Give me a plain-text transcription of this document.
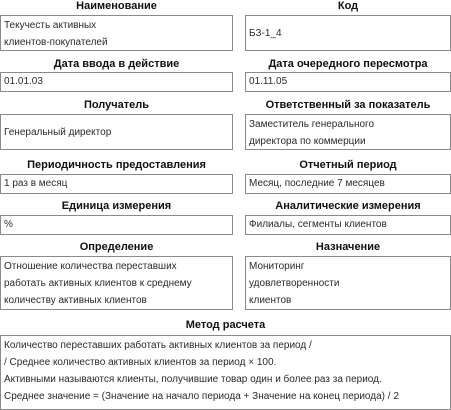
Наименование
Текучесть активных
клиентов-покупателей
Код
БЗ-1_4
Дата ввода в действие
01.01.03
Дата очередного пересмотра
01.11.05
Получатель
Генеральный директор
Ответственный за показатель
Заместитель генерального
директора по коммерции
Периодичность предоставления
1 раз в месяц
Отчетный период
Месяц, последние 7 месяцев
Единица измерения
%
Аналитические измерения
Филиалы, сегменты клиентов
Определение
Отношение количества переставших
работать активных клиентов к среднему
количеству активных клиентов
Назначение
Мониторинг
удовлетворенности
клиентов
Метод расчета
Количество переставших работать активных клиентов за период /
/ Среднее количество активных клиентов за период × 100.
Активными называются клиенты, получившие товар один и более раз за период.
Среднее значение = (Значение на начало периода + Значение на конец периода) / 2
